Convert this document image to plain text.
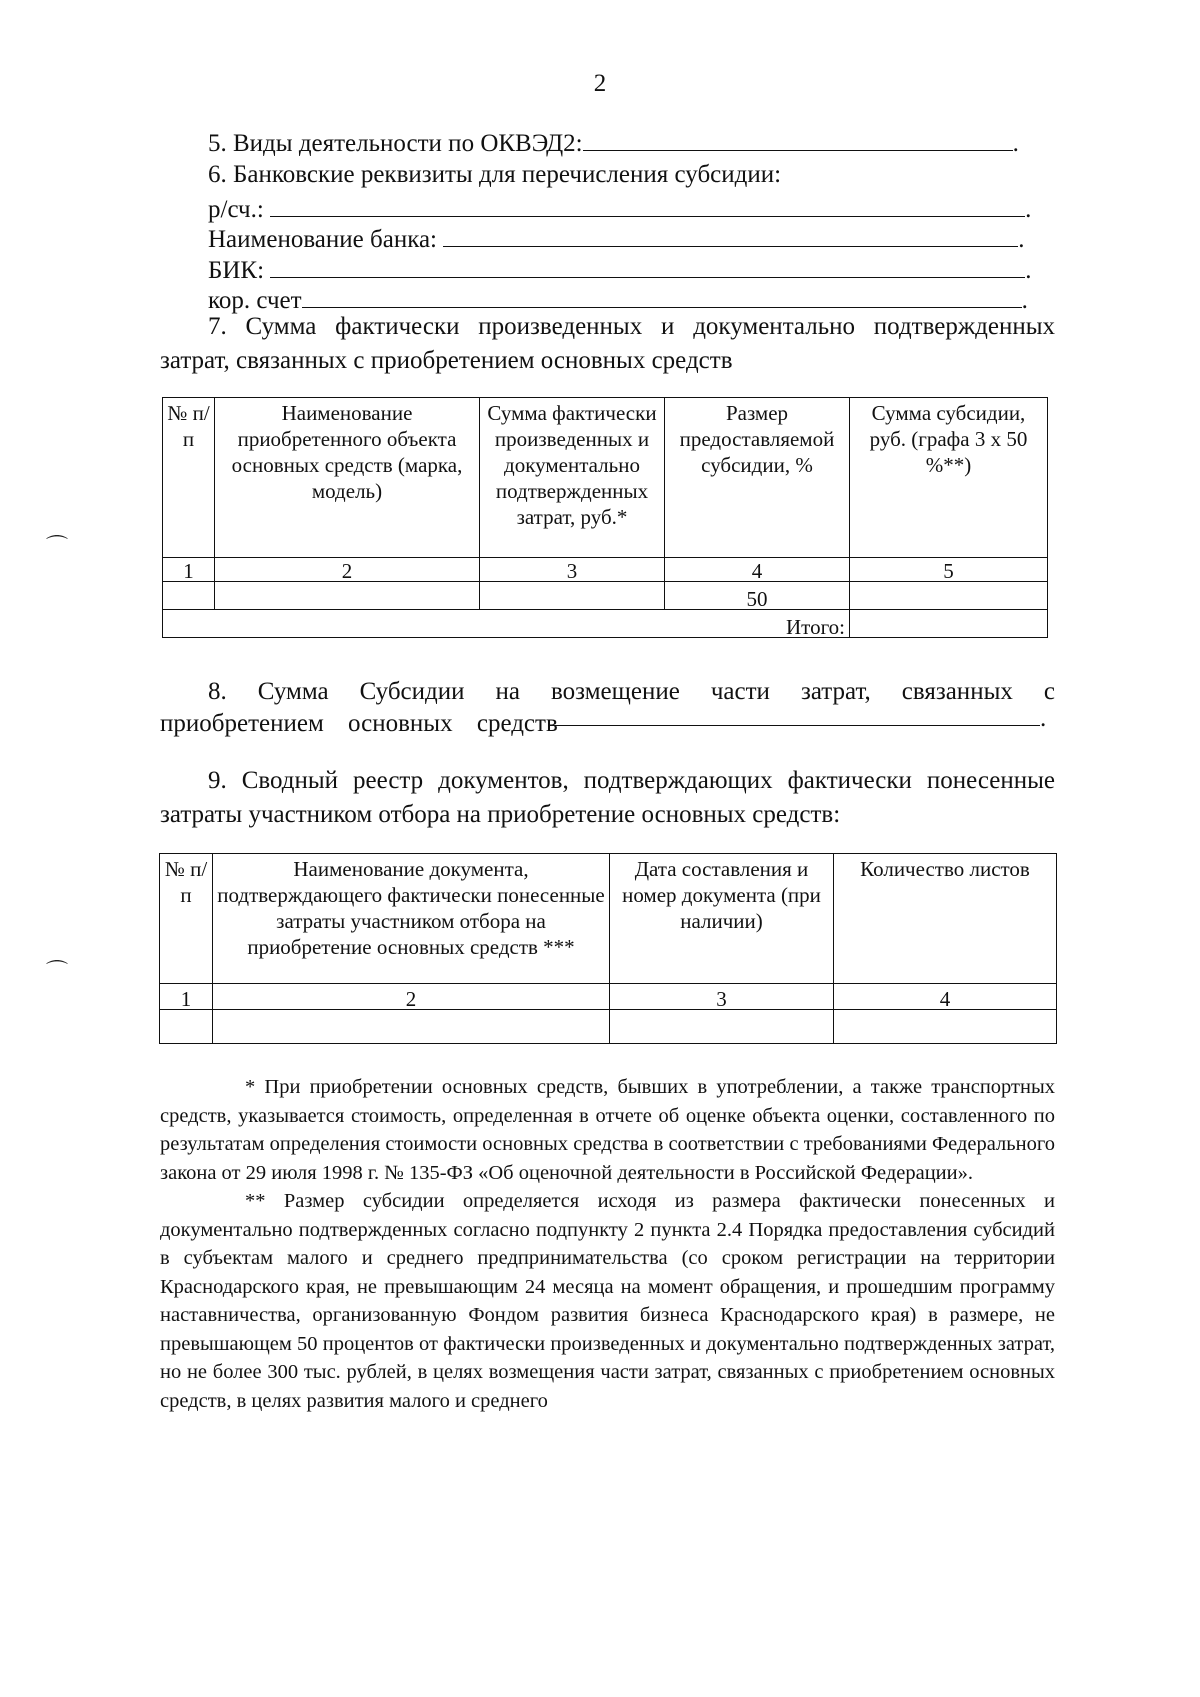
2
5. Виды деятельности по ОКВЭД2:	.
6. Банковские реквизиты для перечисления субсидии:
р/сч.:	.
Наименование банка:	.
БИК:	.
кор. счет	.
7. Сумма фактически произведенных и документально подтвержденных затрат, связанных с приобретением основных средств
№ п/п	Наименование приобретенного объекта основных средств (марка, модель)	Сумма фактически произведенных и документально подтвержденных затрат, руб.*	Размер предоставляемой субсидии, %	Сумма субсидии, руб. (графа 3 х 50 %**)
1	2	3	4	5
			50	
Итого:				
8. Сумма Субсидии на возмещение части затрат, связанных с приобретением основных средств	.
9. Сводный реестр документов, подтверждающих фактически понесенные затраты участником отбора на приобретение основных средств:
№ п/п	Наименование документа, подтверждающего фактически понесенные затраты участником отбора на приобретение основных средств ***	Дата составления и номер документа (при наличии)	Количество листов
1	2	3	4

* При приобретении основных средств, бывших в употреблении, а также транспортных средств, указывается стоимость, определенная в отчете об оценке объекта оценки, составленного по результатам определения стоимости основных средства в соответствии с требованиями Федерального закона от 29 июля 1998 г. № 135-ФЗ «Об оценочной деятельности в Российской Федерации».

** Размер субсидии определяется исходя из размера фактически понесенных и документально подтвержденных согласно подпункту 2 пункта 2.4 Порядка предоставления субсидий в субъектам малого и среднего предпринимательства (со сроком регистрации на территории Краснодарского края, не превышающим 24 месяца на момент обращения, и прошедшим программу наставничества, организованную Фондом развития бизнеса Краснодарского края) в размере, не превышающем 50 процентов от фактически произведенных и документально подтвержденных затрат, но не более 300 тыс. рублей, в целях возмещения части затрат, связанных с приобретением основных средств, в целях развития малого и среднего

⌒
⌒
